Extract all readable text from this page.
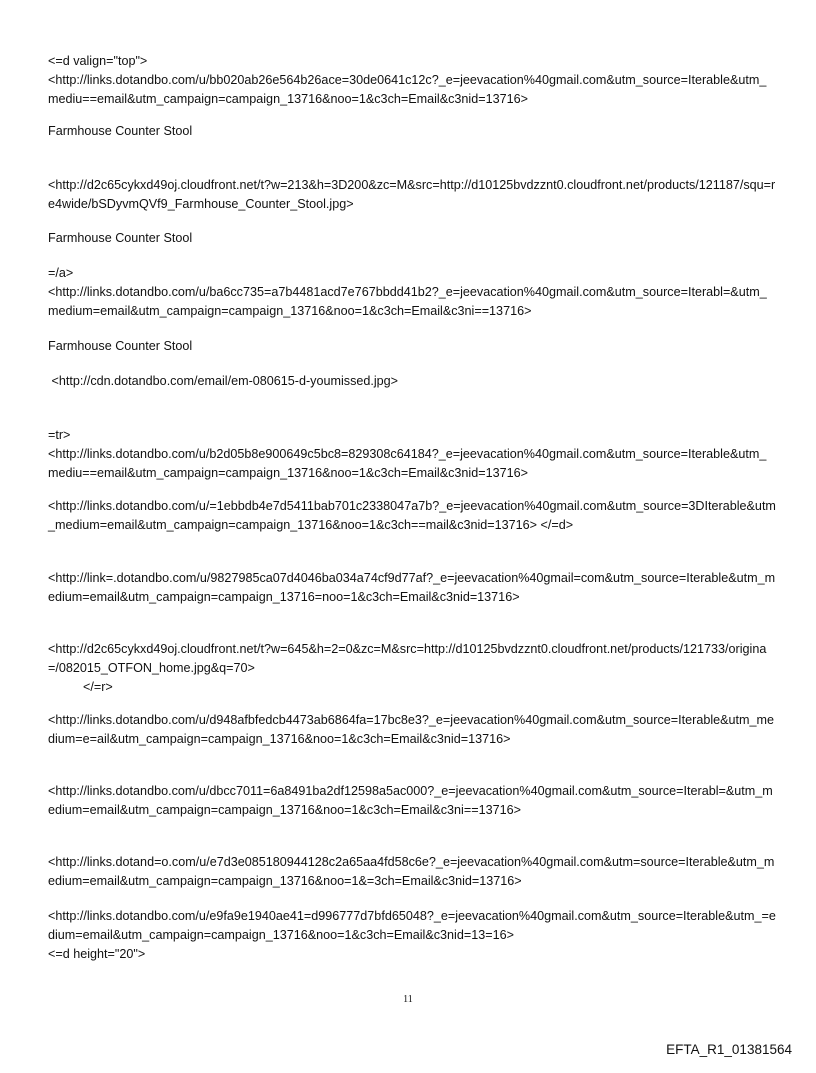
<=d valign="top">
<http://links.dotandbo.com/u/bb020ab26e564b26ace=30de0641c12c?_e=jeevacation%40gmail.com&utm_source=Iterable&utm_mediu==email&utm_campaign=campaign_13716&noo=1&c3ch=Email&c3nid=13716>
Farmhouse Counter Stool
<http://d2c65cykxd49oj.cloudfront.net/t?w=213&h=3D200&zc=M&src=http://d10125bvdzznt0.cloudfront.net/products/121187/squ=re4wide/bSDyvmQVf9_Farmhouse_Counter_Stool.jpg>
Farmhouse Counter Stool
=/a>
<http://links.dotandbo.com/u/ba6cc735=a7b4481acd7e767bbdd41b2?_e=jeevacation%40gmail.com&utm_source=Iterabl=&utm_medium=email&utm_campaign=campaign_13716&noo=1&c3ch=Email&c3ni==13716>
Farmhouse Counter Stool
<http://cdn.dotandbo.com/email/em-080615-d-youmissed.jpg>
=tr>
<http://links.dotandbo.com/u/b2d05b8e900649c5bc8=829308c64184?_e=jeevacation%40gmail.com&utm_source=Iterable&utm_mediu==email&utm_campaign=campaign_13716&noo=1&c3ch=Email&c3nid=13716>
<http://links.dotandbo.com/u/=1ebbdb4e7d5411bab701c2338047a7b?_e=jeevacation%40gmail.com&utm_source=3DIterable&utm_medium=email&utm_campaign=campaign_13716&noo=1&c3ch==mail&c3nid=13716> </=d>
<http://link=.dotandbo.com/u/9827985ca07d4046ba034a74cf9d77af?_e=jeevacation%40gmail=com&utm_source=Iterable&utm_medium=email&utm_campaign=campaign_13716=noo=1&c3ch=Email&c3nid=13716>
<http://d2c65cykxd49oj.cloudfront.net/t?w=645&h=2=0&zc=M&src=http://d10125bvdzznt0.cloudfront.net/products/121733/origina=/082015_OTFON_home.jpg&q=70>
</=r>
<http://links.dotandbo.com/u/d948afbfedcb4473ab6864fa=17bc8e3?_e=jeevacation%40gmail.com&utm_source=Iterable&utm_medium=e=ail&utm_campaign=campaign_13716&noo=1&c3ch=Email&c3nid=13716>
<http://links.dotandbo.com/u/dbcc7011=6a8491ba2df12598a5ac000?_e=jeevacation%40gmail.com&utm_source=Iterabl=&utm_medium=email&utm_campaign=campaign_13716&noo=1&c3ch=Email&c3ni==13716>
<http://links.dotand=o.com/u/e7d3e085180944128c2a65aa4fd58c6e?_e=jeevacation%40gmail.com&utm=source=Iterable&utm_medium=email&utm_campaign=campaign_13716&noo=1&=3ch=Email&c3nid=13716>
<http://links.dotandbo.com/u/e9fa9e1940ae41=d996777d7bfd65048?_e=jeevacation%40gmail.com&utm_source=Iterable&utm_=edium=email&utm_campaign=campaign_13716&noo=1&c3ch=Email&c3nid=13=16>
<=d height="20">
11
EFTA_R1_01381564
